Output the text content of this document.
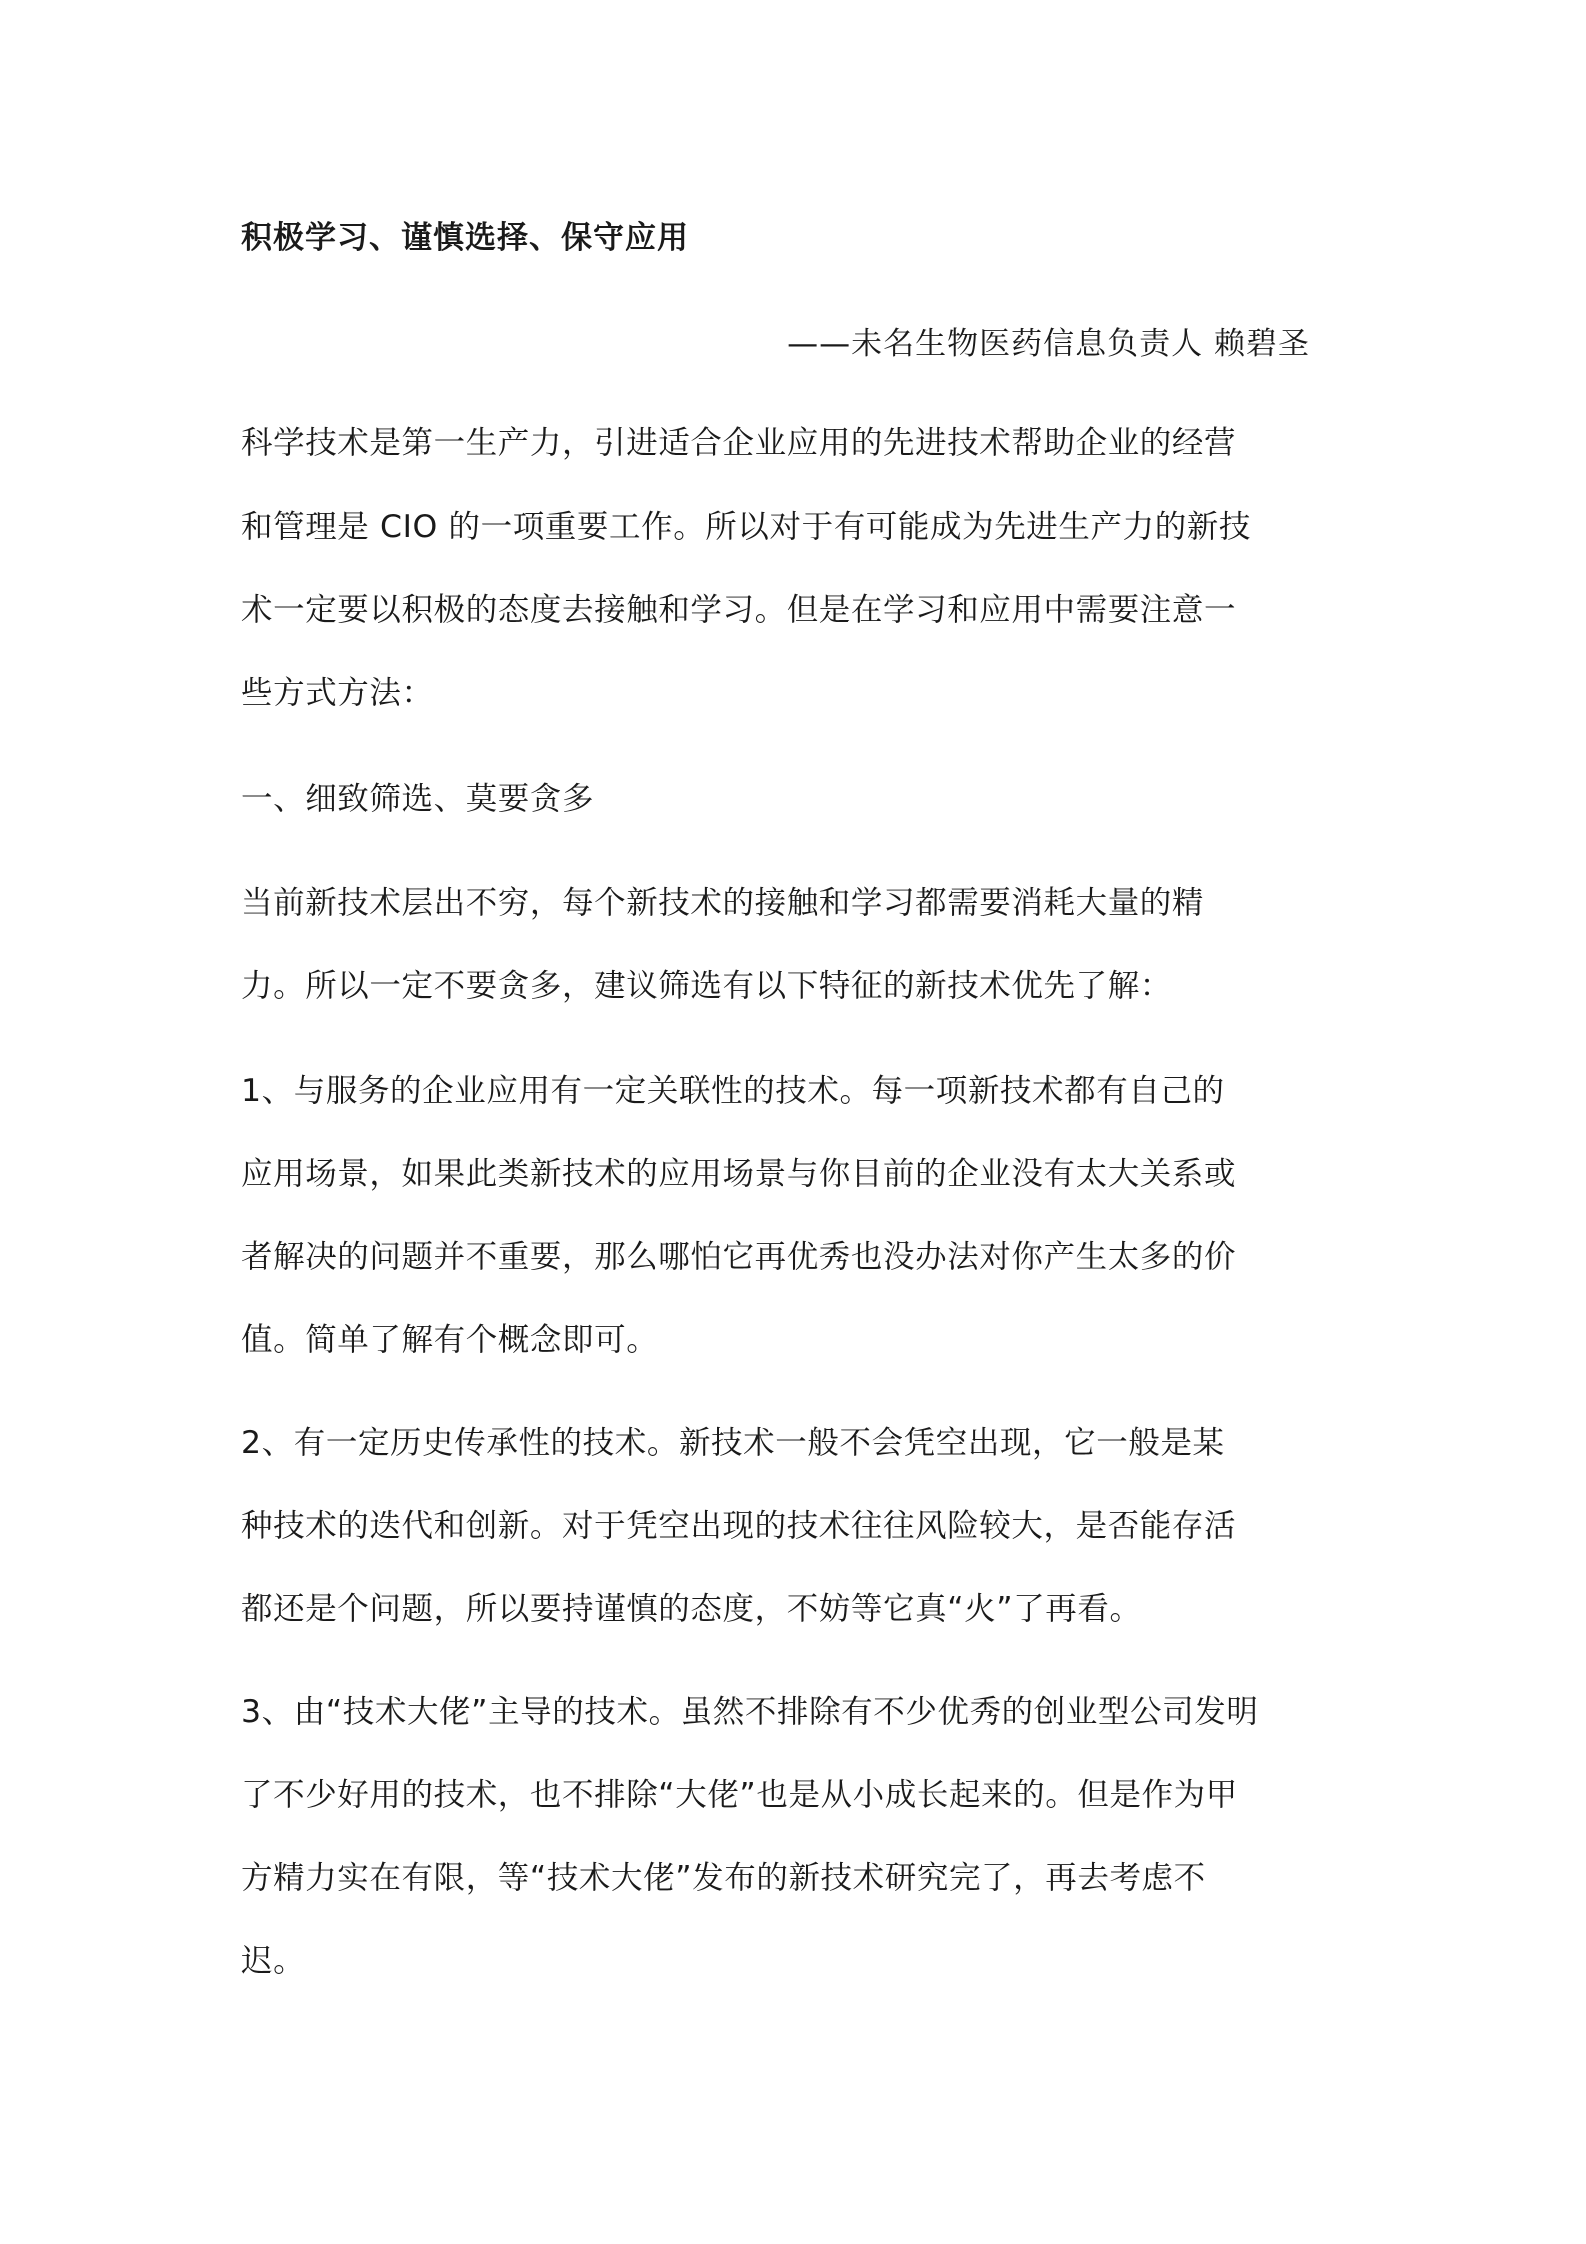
积极学习、谨慎选择、保守应用
——未名生物医药信息负责人 赖碧圣
科学技术是第一生产力，引进适合企业应用的先进技术帮助企业的经营
和管理是 CIO 的一项重要工作。所以对于有可能成为先进生产力的新技
术一定要以积极的态度去接触和学习。但是在学习和应用中需要注意一
些方式方法：
一、细致筛选、莫要贪多
当前新技术层出不穷，每个新技术的接触和学习都需要消耗大量的精
力。所以一定不要贪多，建议筛选有以下特征的新技术优先了解：
1、与服务的企业应用有一定关联性的技术。每一项新技术都有自己的
应用场景，如果此类新技术的应用场景与你目前的企业没有太大关系或
者解决的问题并不重要，那么哪怕它再优秀也没办法对你产生太多的价
值。简单了解有个概念即可。
2、有一定历史传承性的技术。新技术一般不会凭空出现，它一般是某
种技术的迭代和创新。对于凭空出现的技术往往风险较大，是否能存活
都还是个问题，所以要持谨慎的态度，不妨等它真“火”了再看。
3、由“技术大佬”主导的技术。虽然不排除有不少优秀的创业型公司发明
了不少好用的技术，也不排除“大佬”也是从小成长起来的。但是作为甲
方精力实在有限，等“技术大佬”发布的新技术研究完了，再去考虑不
迟。
